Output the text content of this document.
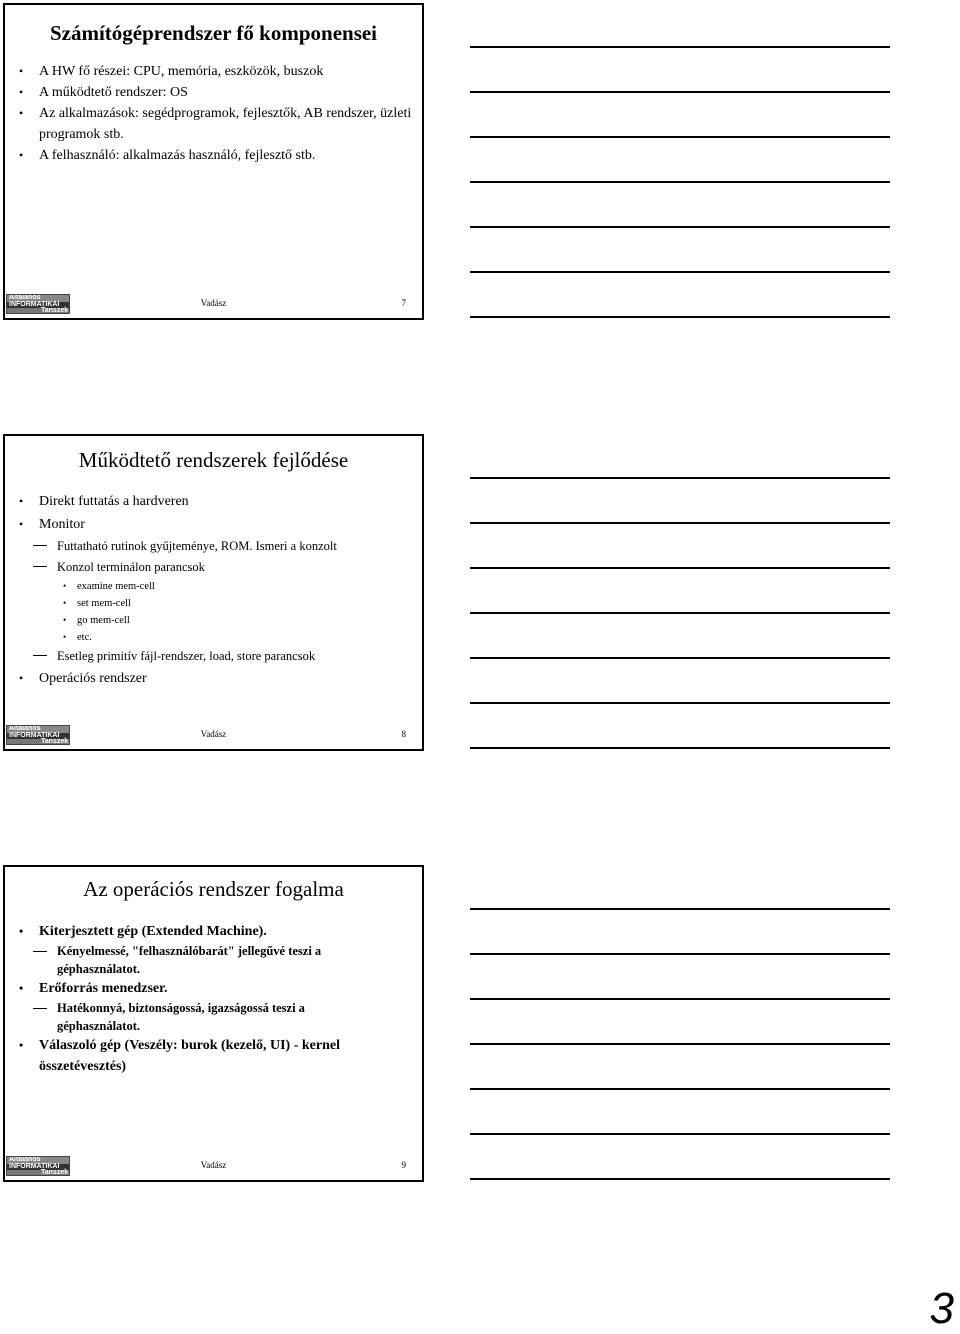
Számítógéprendszer fő komponensei

• A HW fő részei: CPU, memória, eszközök, buszok

• A működtető rendszer: OS

• Az alkalmazások: segédprogramok, fejlesztők, AB rendszer, üzleti programok stb.

• A felhasználó: alkalmazás használó, fejlesztő stb.

Altalanos
INFORMATIKAI
Tanszek
Vadász	7
Működtető rendszerek fejlődése

• Direkt futtatás a hardveren

• Monitor

Futtatható rutinok gyűjteménye, ROM. Ismeri a konzolt

Konzol terminálon parancsok

• examine mem-cell

• set mem-cell

• go mem-cell

• etc.

Esetleg primitív fájl-rendszer, load, store parancsok

• Operációs rendszer

Altalanos
INFORMATIKAI
Tanszek
Vadász	8
Az operációs rendszer fogalma

• Kiterjesztett gép (Extended Machine).

Kényelmessé, "felhasználóbarát" jellegűvé teszi a géphasználatot.

• Erőforrás menedzser.

Hatékonnyá, biztonságossá, igazságossá teszi a géphasználatot.

• Válaszoló gép (Veszély: burok (kezelő, UI) - kernel összetévesztés)

Altalanos
INFORMATIKAI
Tanszek
Vadász	9
3
